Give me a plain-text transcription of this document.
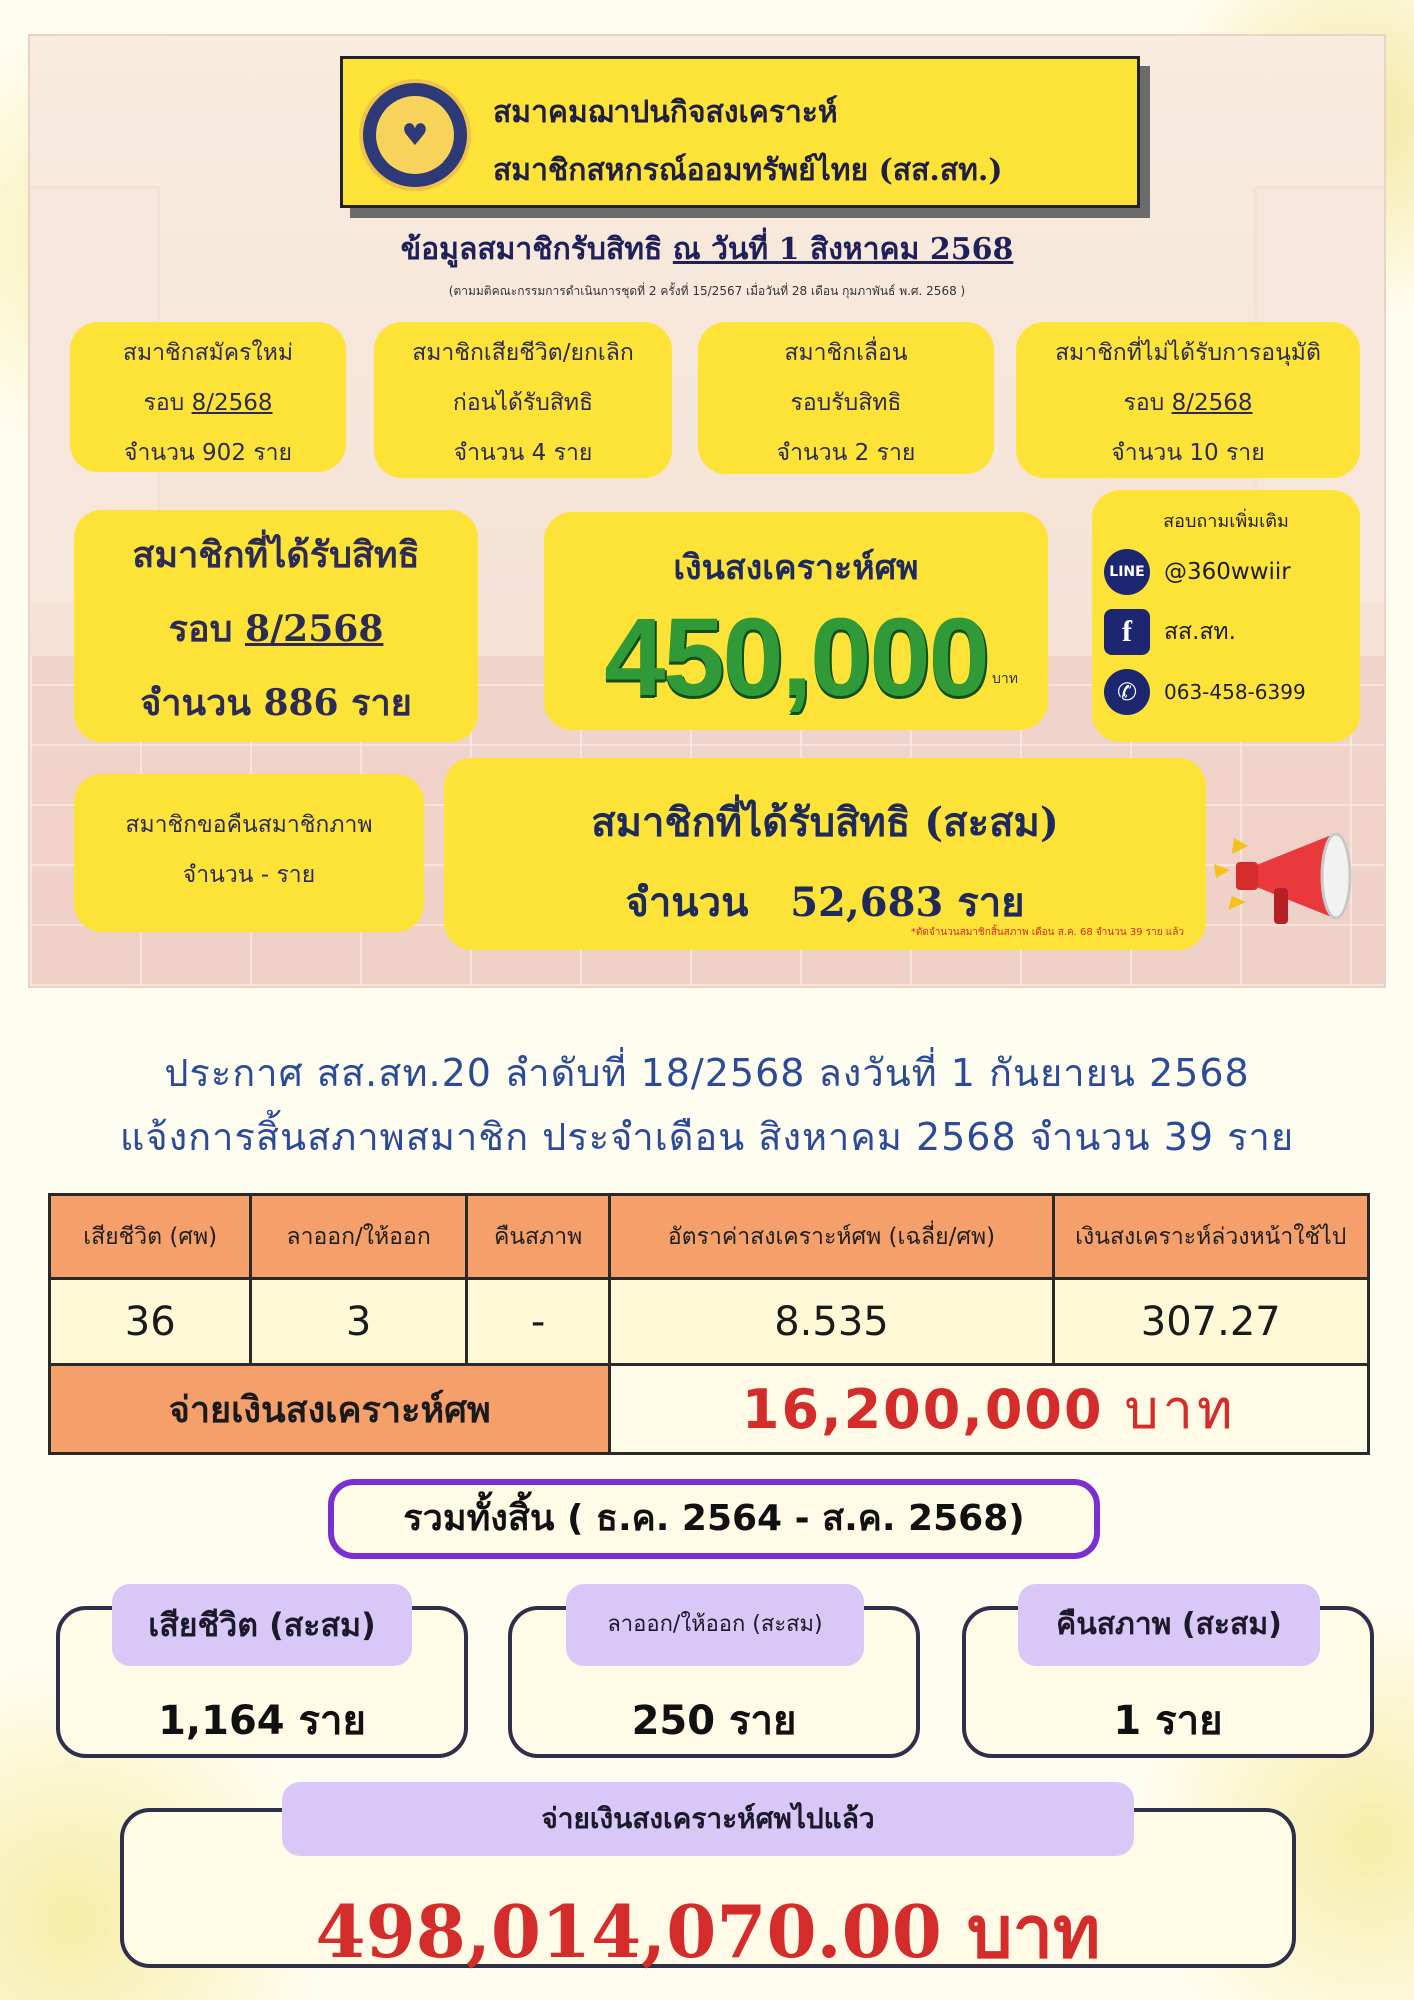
♥
สมาคมฌาปนกิจสงเคราะห์
สมาชิกสหกรณ์ออมทรัพย์ไทย (สส.สท.)
ข้อมูลสมาชิกรับสิทธิ ณ วันที่ 1 สิงหาคม 2568
(ตามมติคณะกรรมการดำเนินการชุดที่ 2 ครั้งที่ 15/2567 เมื่อวันที่ 28 เดือน กุมภาพันธ์ พ.ศ. 2568 )
สมาชิกสมัครใหม่
รอบ 8/2568
จำนวน 902 ราย
สมาชิกเสียชีวิต/ยกเลิก
ก่อนได้รับสิทธิ
จำนวน 4 ราย
สมาชิกเลื่อน
รอบรับสิทธิ
จำนวน 2 ราย
สมาชิกที่ไม่ได้รับการอนุมัติ
รอบ 8/2568
จำนวน 10 ราย
สมาชิกที่ได้รับสิทธิ
รอบ 8/2568
จำนวน 886 ราย
เงินสงเคราะห์ศพ
450,000 บาท
สอบถามเพิ่มเติม
LINE @360wwiir
f	สส.สท.
✆	063-458-6399
สมาชิกขอคืนสมาชิกภาพ
จำนวน - ราย
สมาชิกที่ได้รับสิทธิ (สะสม)
จำนวน 52,683 ราย
*ตัดจำนวนสมาชิกสิ้นสภาพ เดือน ส.ค. 68 จำนวน 39 ราย แล้ว
ประกาศ สส.สท.20 ลำดับที่ 18/2568 ลงวันที่ 1 กันยายน 2568
แจ้งการสิ้นสภาพสมาชิก ประจำเดือน สิงหาคม 2568 จำนวน 39 ราย
เสียชีวิต (ศพ)	ลาออก/ให้ออก	คืนสภาพ	อัตราค่าสงเคราะห์ศพ (เฉลี่ย/ศพ)	เงินสงเคราะห์ล่วงหน้าใช้ไป
36	3	-	8.535	307.27
จ่ายเงินสงเคราะห์ศพ			16,200,000 บาท	
รวมทั้งสิ้น ( ธ.ค. 2564 - ส.ค. 2568)
1,164 ราย
เสียชีวิต (สะสม)
250 ราย
ลาออก/ให้ออก (สะสม)
1 ราย
คืนสภาพ (สะสม)
498,014,070.00 บาท
จ่ายเงินสงเคราะห์ศพไปแล้ว
